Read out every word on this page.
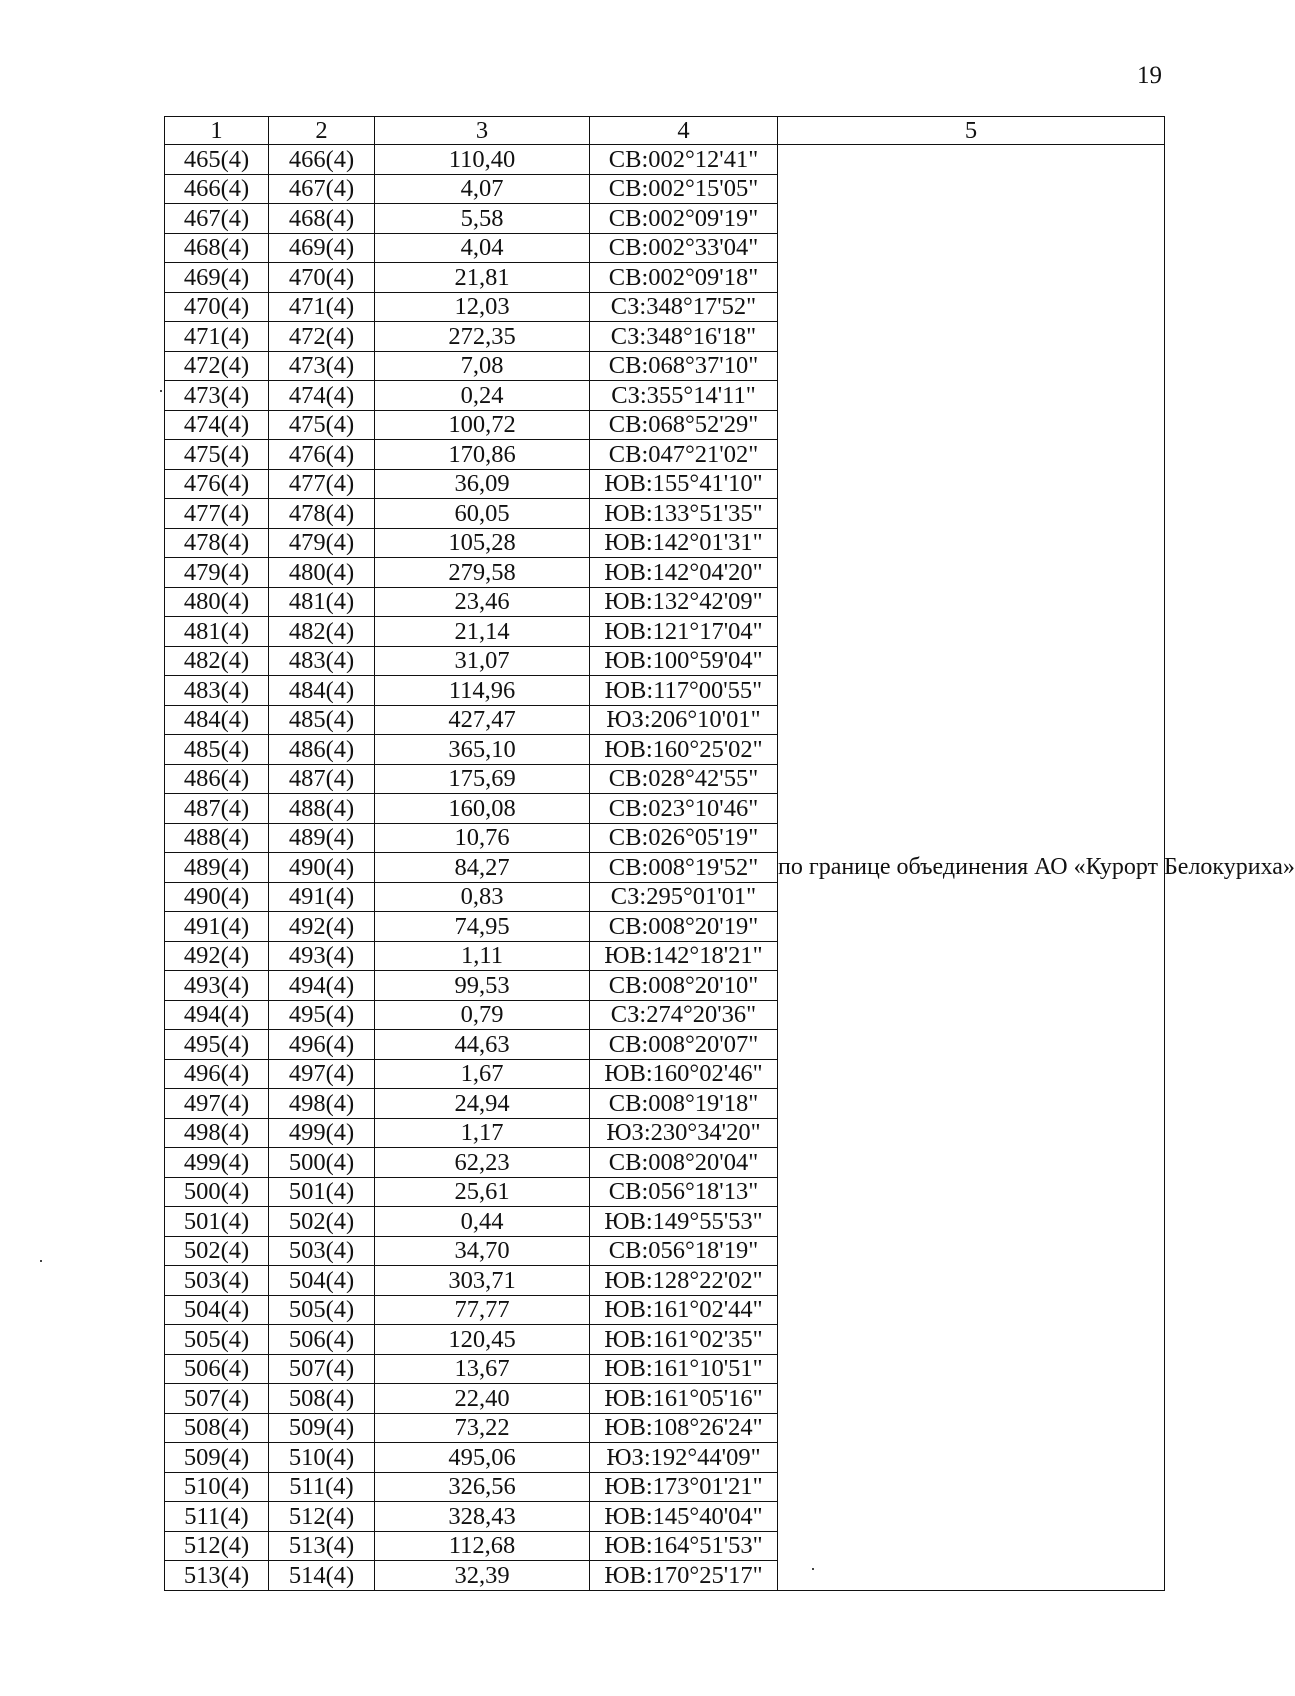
19
1	2	3	4	5
465(4)	466(4)	110,40	СВ:002°12'41"	по границе объединения АО «Курорт Белокуриха»
466(4)	467(4)	4,07	СВ:002°15'05"	
467(4)	468(4)	5,58	СВ:002°09'19"	
468(4)	469(4)	4,04	СВ:002°33'04"	
469(4)	470(4)	21,81	СВ:002°09'18"	
470(4)	471(4)	12,03	СЗ:348°17'52"	
471(4)	472(4)	272,35	СЗ:348°16'18"	
472(4)	473(4)	7,08	СВ:068°37'10"	
473(4)	474(4)	0,24	СЗ:355°14'11"	
474(4)	475(4)	100,72	СВ:068°52'29"	
475(4)	476(4)	170,86	СВ:047°21'02"	
476(4)	477(4)	36,09	ЮВ:155°41'10"	
477(4)	478(4)	60,05	ЮВ:133°51'35"	
478(4)	479(4)	105,28	ЮВ:142°01'31"	
479(4)	480(4)	279,58	ЮВ:142°04'20"	
480(4)	481(4)	23,46	ЮВ:132°42'09"	
481(4)	482(4)	21,14	ЮВ:121°17'04"	
482(4)	483(4)	31,07	ЮВ:100°59'04"	
483(4)	484(4)	114,96	ЮВ:117°00'55"	
484(4)	485(4)	427,47	ЮЗ:206°10'01"	
485(4)	486(4)	365,10	ЮВ:160°25'02"	
486(4)	487(4)	175,69	СВ:028°42'55"	
487(4)	488(4)	160,08	СВ:023°10'46"	
488(4)	489(4)	10,76	СВ:026°05'19"	
489(4)	490(4)	84,27	СВ:008°19'52"	
490(4)	491(4)	0,83	СЗ:295°01'01"	
491(4)	492(4)	74,95	СВ:008°20'19"	
492(4)	493(4)	1,11	ЮВ:142°18'21"	
493(4)	494(4)	99,53	СВ:008°20'10"	
494(4)	495(4)	0,79	СЗ:274°20'36"	
495(4)	496(4)	44,63	СВ:008°20'07"	
496(4)	497(4)	1,67	ЮВ:160°02'46"	
497(4)	498(4)	24,94	СВ:008°19'18"	
498(4)	499(4)	1,17	ЮЗ:230°34'20"	
499(4)	500(4)	62,23	СВ:008°20'04"	
500(4)	501(4)	25,61	СВ:056°18'13"	
501(4)	502(4)	0,44	ЮВ:149°55'53"	
502(4)	503(4)	34,70	СВ:056°18'19"	
503(4)	504(4)	303,71	ЮВ:128°22'02"	
504(4)	505(4)	77,77	ЮВ:161°02'44"	
505(4)	506(4)	120,45	ЮВ:161°02'35"	
506(4)	507(4)	13,67	ЮВ:161°10'51"	
507(4)	508(4)	22,40	ЮВ:161°05'16"	
508(4)	509(4)	73,22	ЮВ:108°26'24"	
509(4)	510(4)	495,06	ЮЗ:192°44'09"	
510(4)	511(4)	326,56	ЮВ:173°01'21"	
511(4)	512(4)	328,43	ЮВ:145°40'04"	
512(4)	513(4)	112,68	ЮВ:164°51'53"	
513(4)	514(4)	32,39	ЮВ:170°25'17"	
